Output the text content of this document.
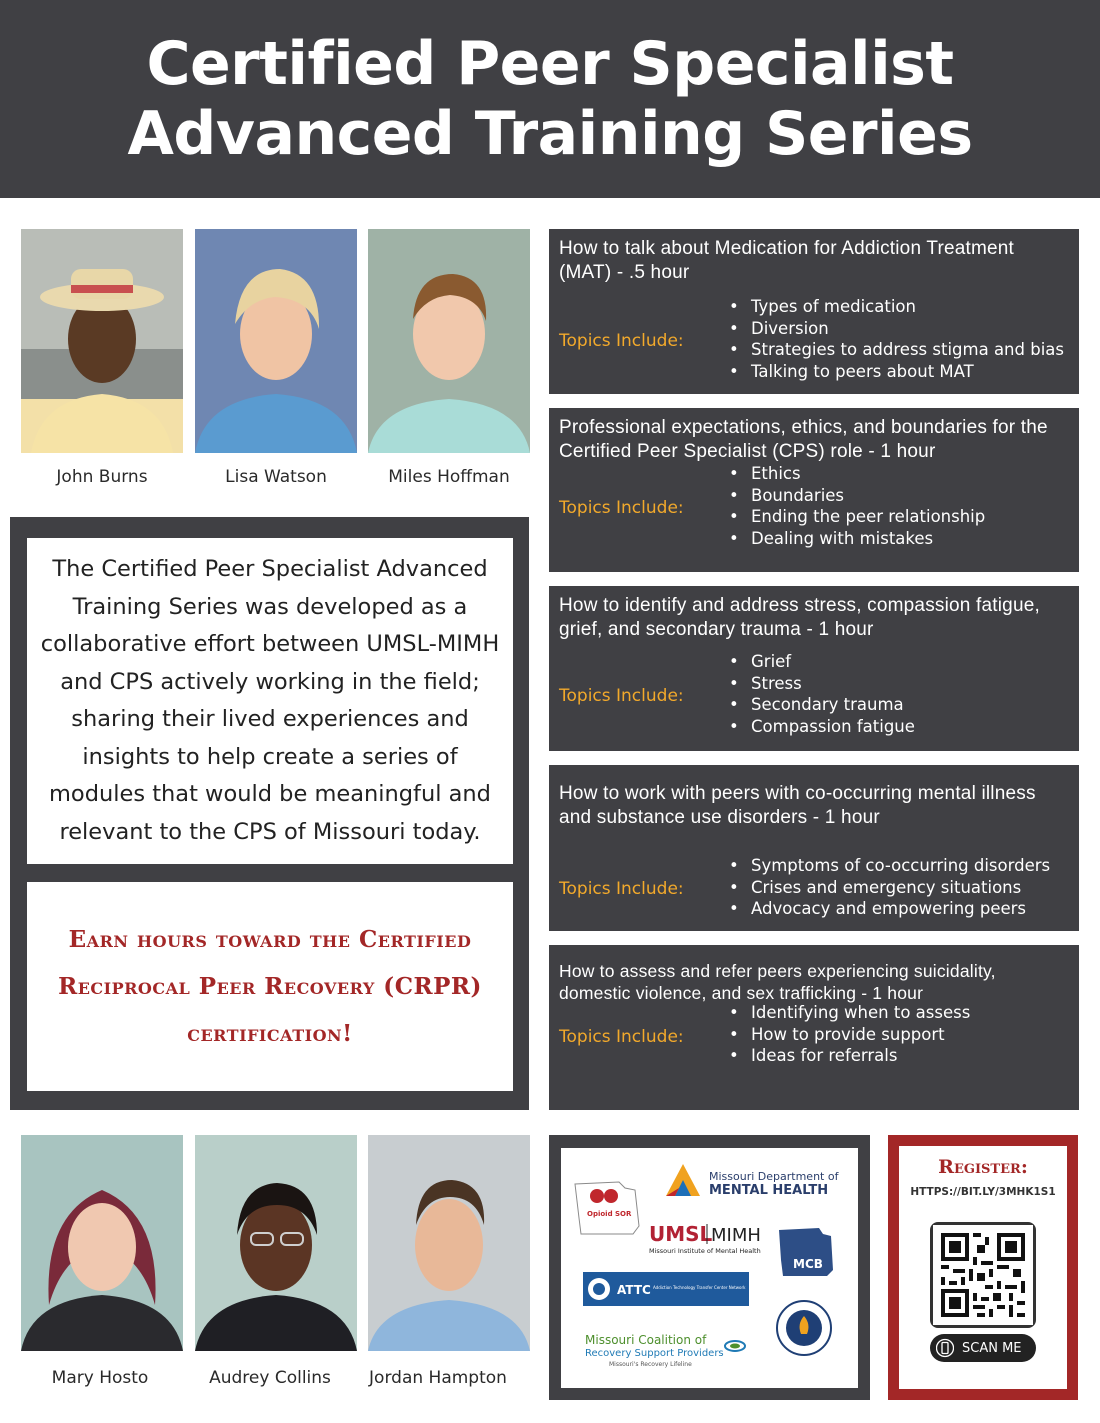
Certified Peer Specialist
Advanced Training Series
John Burns	Lisa Watson	Miles Hoffman

The Certified Peer Specialist Advanced Training Series was developed as a collaborative effort between UMSL-MIMH and CPS actively working in the field; sharing their lived experiences and insights to help create a series of modules that would be meaningful and relevant to the CPS of Missouri today.

Earn hours toward the Certified Reciprocal Peer Recovery (CRPR) certification!

How to talk about Medication for Addiction Treatment (MAT) - .5 hour
Topics Include:
• Types of medication
• Diversion
• Strategies to address stigma and bias
• Talking to peers about MAT
Professional expectations, ethics, and boundaries for the Certified Peer Specialist (CPS) role - 1 hour
Topics Include:
• Ethics
• Boundaries
• Ending the peer relationship
• Dealing with mistakes
How to identify and address stress, compassion fatigue, grief, and secondary trauma - 1 hour
Topics Include:
• Grief
• Stress
• Secondary trauma
• Compassion fatigue
How to work with peers with co-occurring mental illness and substance use disorders - 1 hour
Topics Include:
• Symptoms of co-occurring disorders
• Crises and emergency situations
• Advocacy and empowering peers
How to assess and refer peers experiencing suicidality, domestic violence, and sex trafficking - 1 hour
Topics Include:
• Identifying when to assess
• How to provide support
• Ideas for referrals
Mary Hosto	Audrey Collins	Jordan Hampton
Opioid SOR
Missouri Department of
MENTAL HEALTH
UMSL
MIMH
Missouri Institute of Mental Health
MCB
ATTC Addiction Technology Transfer Center Network
Missouri Coalition of
Recovery Support Providers
Missouri's Recovery Lifeline
Register:
HTTPS://BIT.LY/3MHK1S1
SCAN ME
